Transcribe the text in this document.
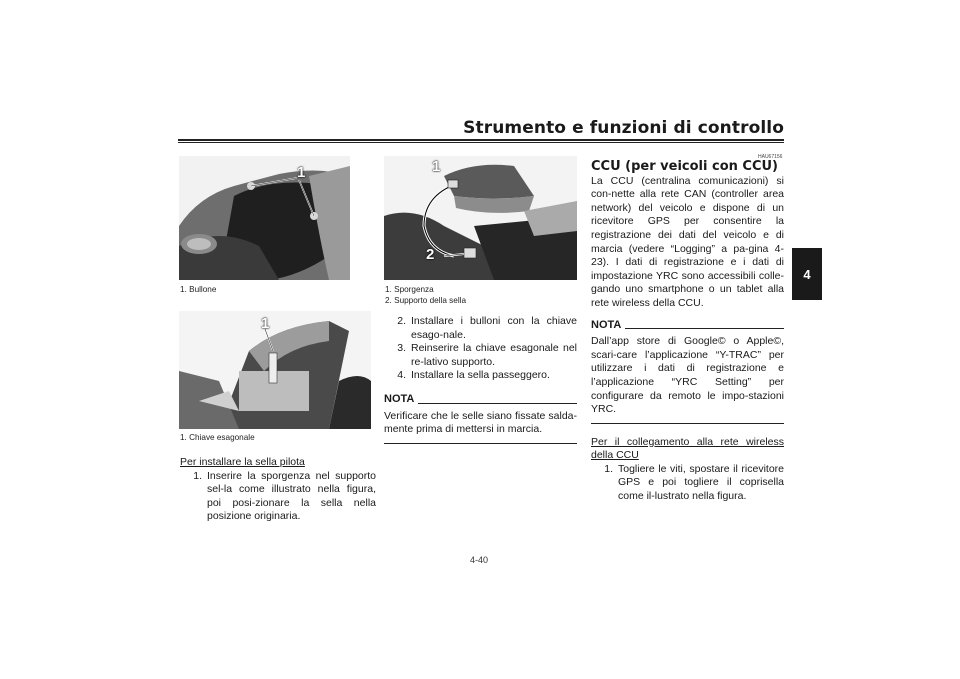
Strumento e funzioni di controllo
4
1
1. Bullone
1
1. Chiave esagonale
Per installare la sella pilota
1. Inserire la sporgenza nel supporto sel-la come illustrato nella figura, poi posi-zionare la sella nella posizione originaria.
1
2
1. Sporgenza
2. Supporto della sella
2. Installare i bulloni con la chiave esago-nale.
3. Reinserire la chiave esagonale nel re-lativo supporto.
4. Installare la sella passeggero.
NOTA
Verificare che le selle siano fissate salda-mente prima di mettersi in marcia.
HAU67156
CCU (per veicoli con CCU)
La CCU (centralina comunicazioni) si con-nette alla rete CAN (controller area network) del veicolo e dispone di un ricevitore GPS per consentire la registrazione dei dati del veicolo e di marcia (vedere “Logging” a pa-gina 4-23). I dati di registrazione e i dati di impostazione YRC sono accessibili colle-gando uno smartphone o un tablet alla rete wireless della CCU.
NOTA
Dall’app store di Google© o Apple©, scari-care l’applicazione “Y-TRAC” per utilizzare i dati di registrazione e l’applicazione “YRC Setting” per configurare da remoto le impo-stazioni YRC.
Per il collegamento alla rete wireless della CCU
1. Togliere le viti, spostare il ricevitore GPS e poi togliere il coprisella come il-lustrato nella figura.
4-40
